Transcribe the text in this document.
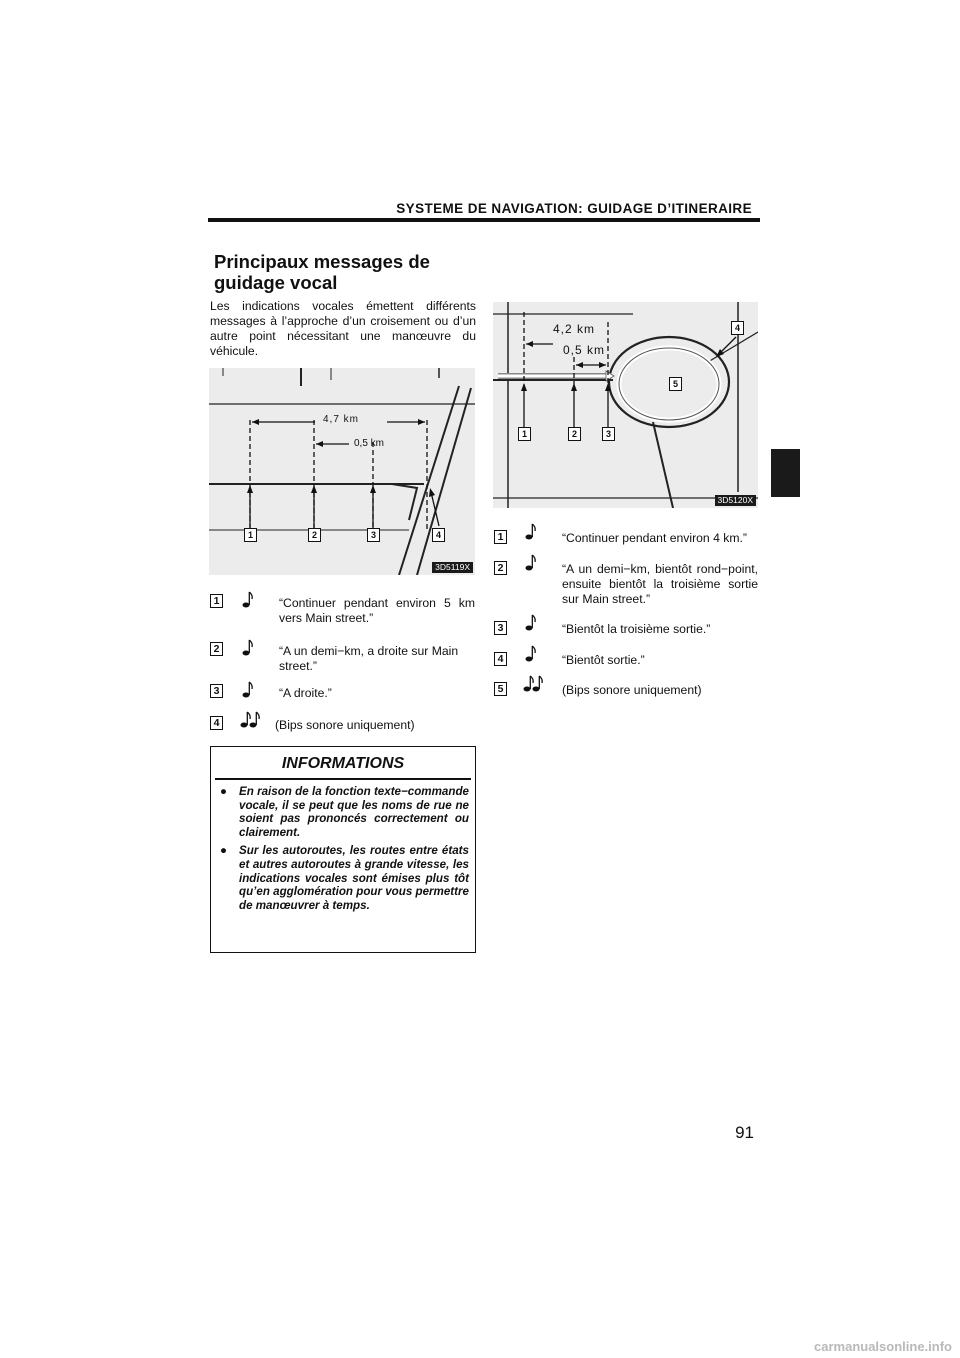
SYSTEME DE NAVIGATION: GUIDAGE D’ITINERAIRE
Principaux messages de
guidage vocal
Les indications vocales émettent différents messages à l’approche d’un croisement ou d’un autre point nécessitant une manœuvre du véhicule.
4,7 km
0,5 km
1	2	3	4
3D5119X
1	“Continuer pendant environ 5 km vers Main street.”
2	“A un demi−km, a droite sur Main street.”
3	“A droite.”
4	(Bips sonore uniquement)
INFORMATIONS
● En raison de la fonction texte−commande vocale, il se peut que les noms de rue ne soient pas prononcés correctement ou clairement.
● Sur les autoroutes, les routes entre états et autres autoroutes à grande vitesse, les indications vocales sont émises plus tôt qu’en agglomération pour vous permettre de manœuvrer à temps.
4,2 km
0,5 km
1	2	3
4
5
3D5120X
1	“Continuer pendant environ 4 km.”
2	“A un demi−km, bientôt rond−point, ensuite bientôt la troisième sortie sur Main street.”
3	“Bientôt la troisième sortie.”
4	“Bientôt sortie.”
5	(Bips sonore uniquement)
91
carmanualsonline.info
